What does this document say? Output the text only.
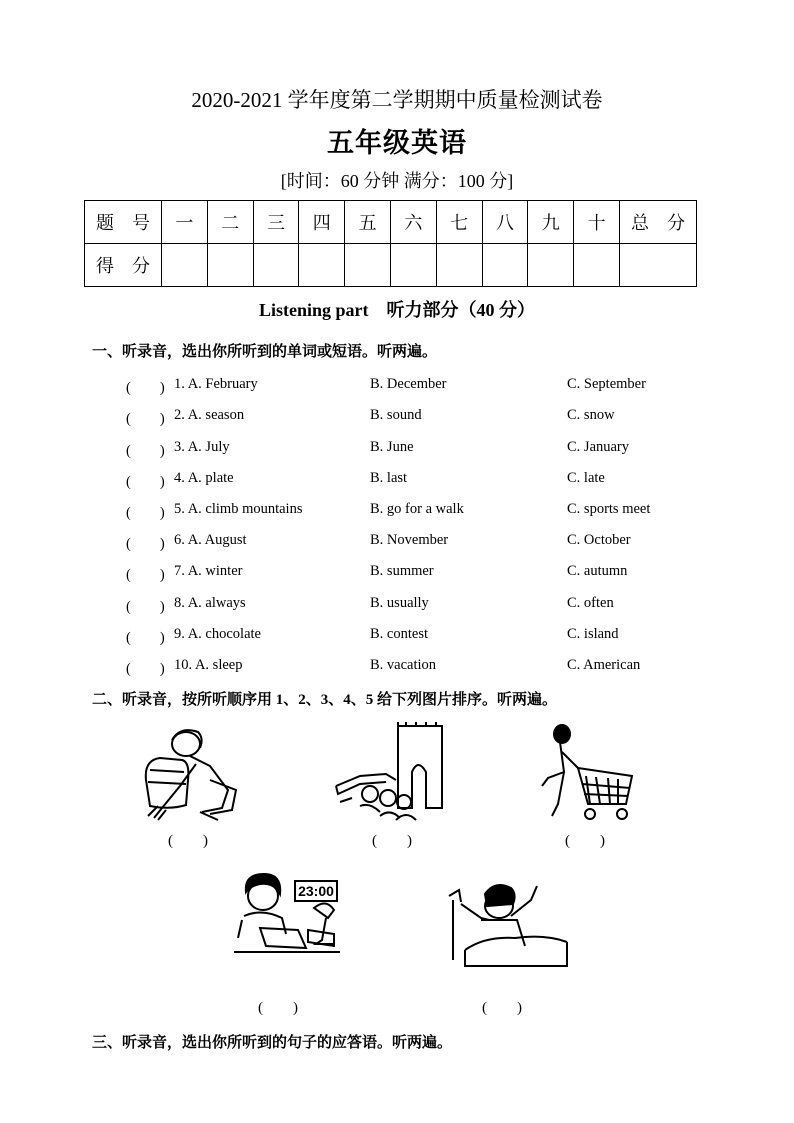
2020-2021 学年度第二学期期中质量检测试卷
五年级英语
[时间：60 分钟 满分：100 分]
题　号	一	二	三	四	五	六	七	八	九	十	总　分
得　分											
Listening part　听力部分（40 分）
一、听录音，选出你所听到的单词或短语。听两遍。
(　　) 1. A. February	B. December	C. September
(　　) 2. A. season	B. sound	C. snow
(　　) 3. A. July	B. June	C. January
(　　) 4. A. plate	B. last	C. late
(　　) 5. A. climb mountains	B. go for a walk	C. sports meet
(　　) 6. A. August	B. November	C. October
(　　) 7. A. winter	B. summer	C. autumn
(　　) 8. A. always	B. usually	C. often
(　　) 9. A. chocolate	B. contest	C. island
(　　) 10. A. sleep	B. vacation	C. American
二、听录音，按所听顺序用 1、2、3、4、5 给下列图片排序。听两遍。
(　　)	(　　)	(　　)
23:00
(　　)	(　　)
三、听录音，选出你所听到的句子的应答语。听两遍。
